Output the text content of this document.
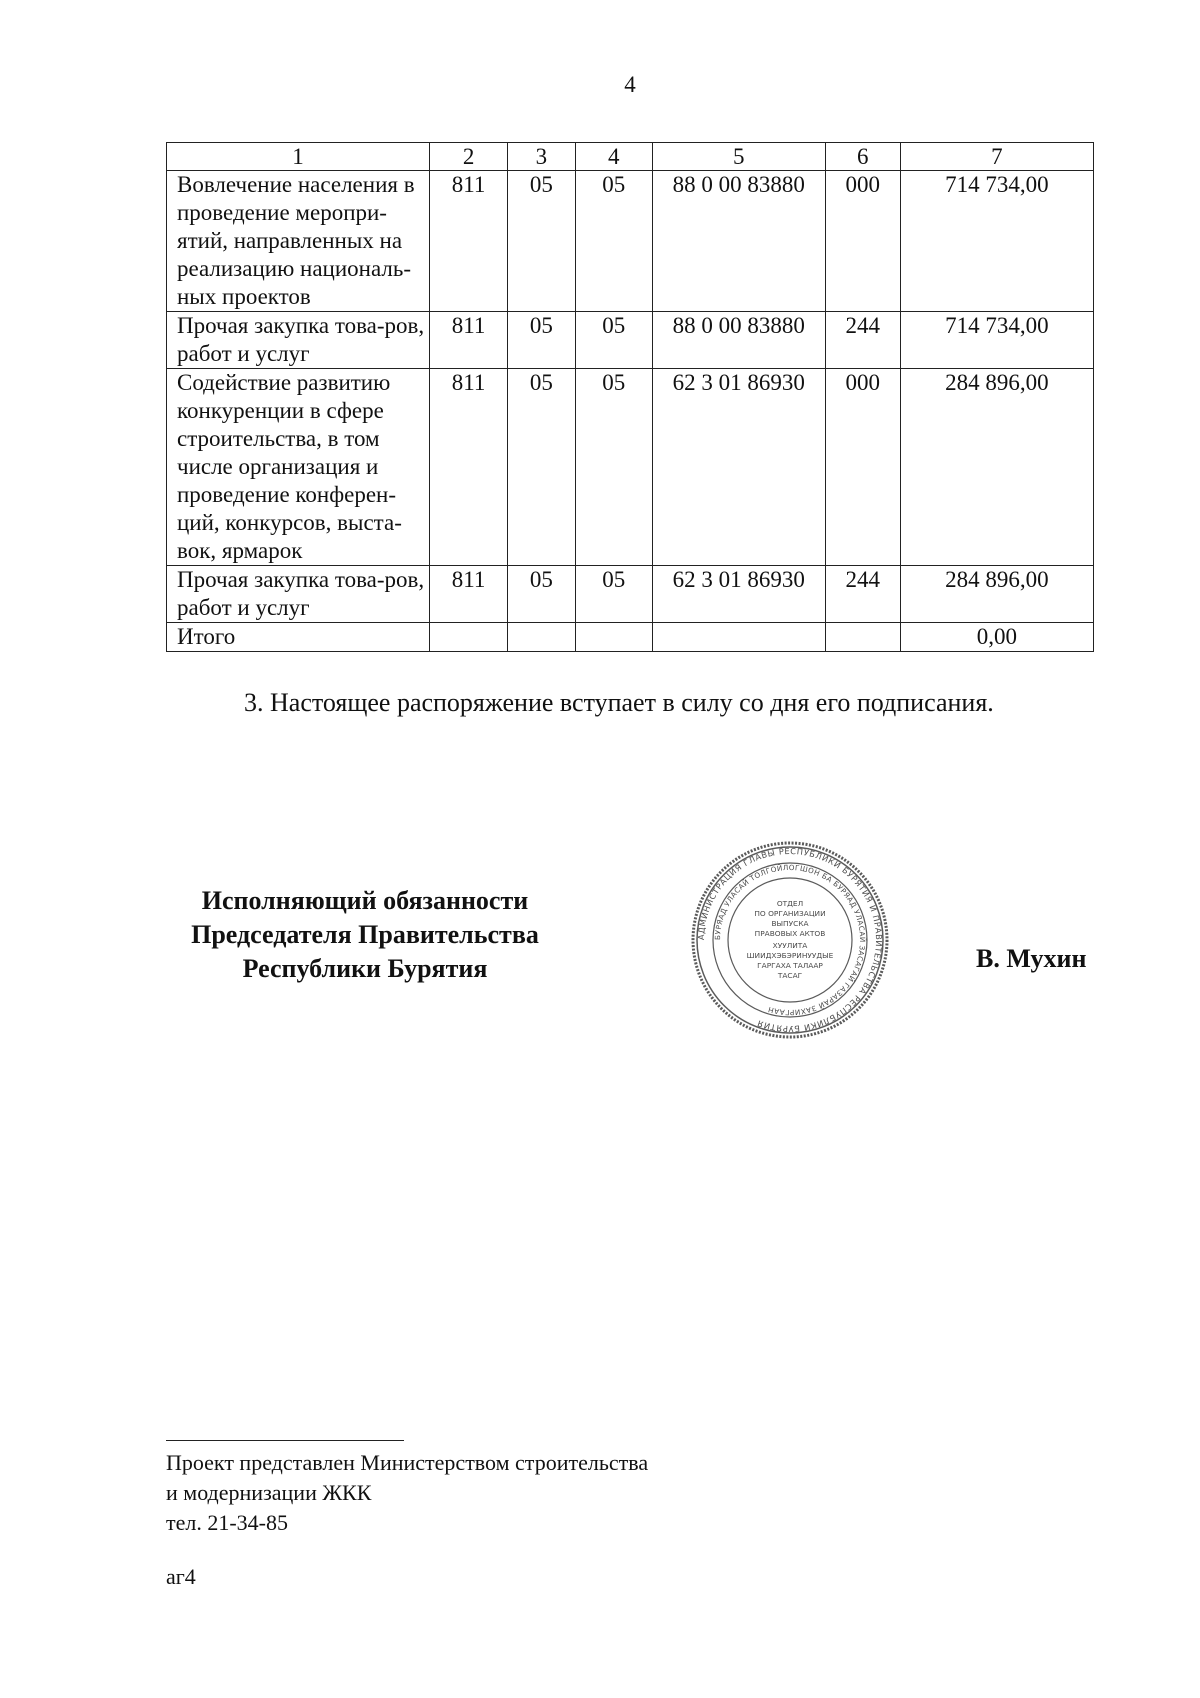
4
1	2	3	4	5	6	7
Вовлечение населения в проведение меропри-ятий, направленных на реализацию националь-ных проектов	811	05	05	88 0 00 83880	000	714 734,00
Прочая закупка това-ров, работ и услуг	811	05	05	88 0 00 83880	244	714 734,00
Содействие развитию конкуренции в сфере строительства, в том числе организация и проведение конферен-ций, конкурсов, выста-вок, ярмарок	811	05	05	62 3 01 86930	000	284 896,00
Прочая закупка това-ров, работ и услуг	811	05	05	62 3 01 86930	244	284 896,00
Итого						0,00
3. Настоящее распоряжение вступает в силу со дня его подписания.
Исполняющий обязанности
Председателя Правительства
Республики Бурятия
АДМИНИСТРАЦИЯ ГЛАВЫ РЕСПУБЛИКИ БУРЯТИЯ И ПРАВИТЕЛЬСТВА РЕСПУБЛИКИ БУРЯТИЯ
БУРЯАД УЛАСАЙ ТОЛГОЙЛОГШОН БА БУРЯАД УЛАСАЙ ЗАСАГАЙ ГАЗАРАЙ ЗАХИРГААН
ОТДЕЛ
ПО ОРГАНИЗАЦИИ
ВЫПУСКА
ПРАВОВЫХ АКТОВ
ХУУЛИТА
ШИИДХЭБЭРИНУУДЫЕ
ГАРГАХА ТАЛААР
ТАСАГ
В. Мухин
Проект представлен Министерством строительства
и модернизации ЖКК
тел. 21-34-85
аг4
